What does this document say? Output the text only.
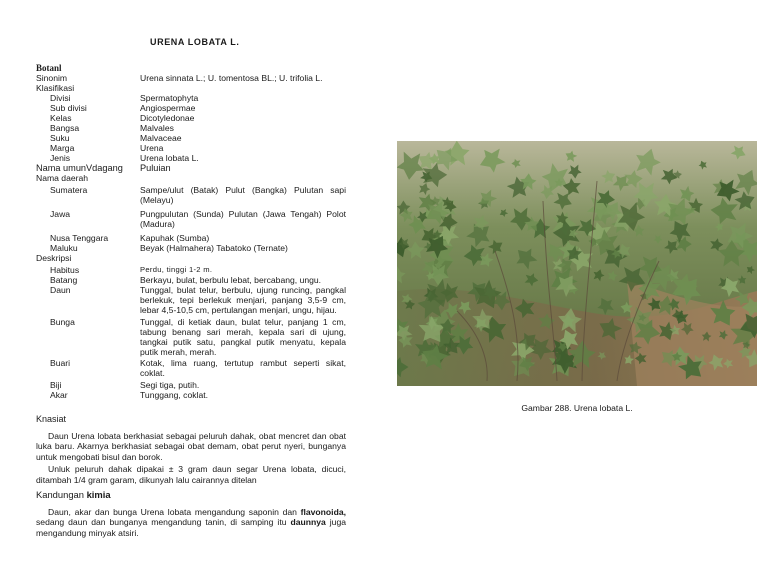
URENA LOBATA L.
Botanl
Sinonim	Urena sinnata L.; U. tomentosa BL.; U. trifolia L.
Klasifikasi
Divisi	Spermatophyta
Sub divisi	Angiospermae
Kelas	Dicotyledonae
Bangsa	Malvales
Suku	Malvaceae
Marga	Urena
Jenis	Urena lobata L.
Nama umunVdagang	Puluian
Nama daerah
Sumatera	Sampe/ulut (Batak) Pulut (Bangka) Pulutan sapi (Melayu)
Jawa	Pungpulutan (Sunda) Pulutan (Jawa Tengah) Polot (Madura)
Nusa Tenggara	Kapuhak (Sumba)
Maluku	Beyak (Halmahera) Tabatoko (Ternate)
Deskripsi
Habitus	Perdu, tinggi 1-2 m.
Batang	Berkayu, bulat, berbulu lebat, bercabang, ungu.
Daun	Tunggal, bulat telur, berbulu, ujung runcing, pangkal berlekuk, tepi berlekuk menjari, panjang 3,5-9 cm, lebar 4,5-10,5 cm, pertulangan menjari, ungu, hijau.
Bunga	Tunggal, di ketiak daun, bulat telur, panjang 1 cm, tabung benang sari merah, kepala sari di ujung, tangkai putik satu, pangkal putik menyatu, kepala putik merah, merah.
Buari	Kotak, lima ruang, tertutup rambut seperti sikat, coklat.
Biji	Segi tiga, putih.
Akar	Tunggang, coklat.
Knasiat
Daun Urena lobata berkhasiat sebagai peluruh dahak, obat mencret dan obat luka baru. Akarnya berkhasiat sebagai obat demam, obat perut nyeri, bunganya untuk mengobati bisul dan borok.
Unluk peluruh dahak dipakai ± 3 gram daun segar Urena lobata, dicuci, ditambah 1/4 gram garam, dikunyah lalu cairannya ditelan
Kandungan kimia
Daun, akar dan bunga Urena lobata mengandung saponin dan flavonoida, sedang daun dan bunganya mengandung tanin, di samping itu daunnya juga mengandung minyak atsiri.
Gambar 288. Urena lobata L.
